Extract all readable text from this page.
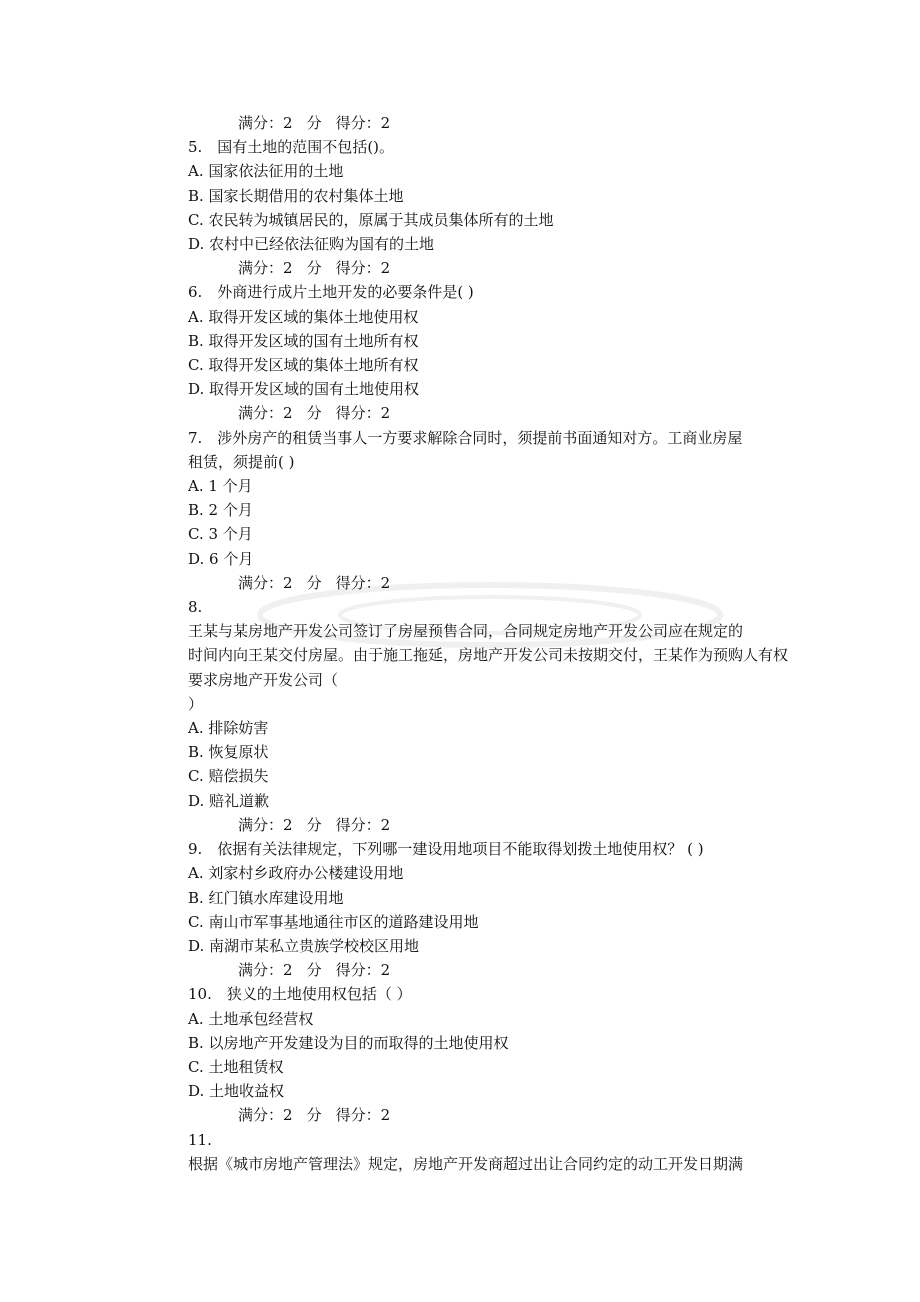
满分：2 分 得分：2
5.　国有土地的范围不包括()。
A. 国家依法征用的土地
B. 国家长期借用的农村集体土地
C. 农民转为城镇居民的，原属于其成员集体所有的土地
D. 农村中已经依法征购为国有的土地
满分：2 分 得分：2
6.　外商进行成片土地开发的必要条件是( )
A. 取得开发区域的集体土地使用权
B. 取得开发区域的国有土地所有权
C. 取得开发区域的集体土地所有权
D. 取得开发区域的国有土地使用权
满分：2 分 得分：2
7.　涉外房产的租赁当事人一方要求解除合同时，须提前书面通知对方。工商业房屋
租赁，须提前( )
A. 1 个月
B. 2 个月
C. 3 个月
D. 6 个月
满分：2 分 得分：2
8.
王某与某房地产开发公司签订了房屋预售合同，合同规定房地产开发公司应在规定的
时间内向王某交付房屋。由于施工拖延，房地产开发公司未按期交付，王某作为预购人有权
要求房地产开发公司（
）
A. 排除妨害
B. 恢复原状
C. 赔偿损失
D. 赔礼道歉
满分：2 分 得分：2
9.　依据有关法律规定，下列哪一建设用地项目不能取得划拨土地使用权？ ( )
A. 刘家村乡政府办公楼建设用地
B. 红门镇水库建设用地
C. 南山市军事基地通往市区的道路建设用地
D. 南湖市某私立贵族学校校区用地
满分：2 分 得分：2
10.　狭义的土地使用权包括（ ）
A. 土地承包经营权
B. 以房地产开发建设为目的而取得的土地使用权
C. 土地租赁权
D. 土地收益权
满分：2 分 得分：2
11.
根据《城市房地产管理法》规定，房地产开发商超过出让合同约定的动工开发日期满
